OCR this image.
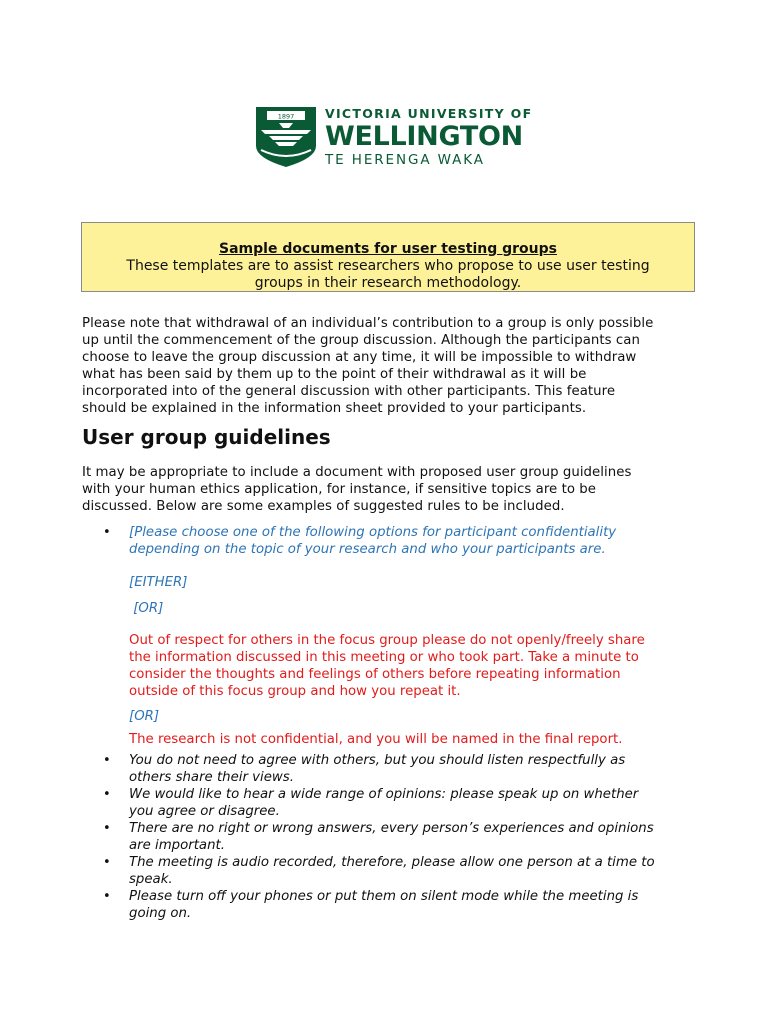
1897 VICTORIA UNIVERSITY OF
WELLINGTON
TE HERENGA WAKA
Sample documents for user testing groups
These templates are to assist researchers who propose to use user testing groups in their research methodology.
Please note that withdrawal of an individual’s contribution to a group is only possible
up until the commencement of the group discussion. Although the participants can
choose to leave the group discussion at any time, it will be impossible to withdraw
what has been said by them up to the point of their withdrawal as it will be
incorporated into of the general discussion with other participants. This feature
should be explained in the information sheet provided to your participants.
User group guidelines
It may be appropriate to include a document with proposed user group guidelines
with your human ethics application, for instance, if sensitive topics are to be
discussed. Below are some examples of suggested rules to be included.
• [Please choose one of the following options for participant confidentiality
depending on the topic of your research and who your participants are.
[EITHER]
[OR]
Out of respect for others in the focus group please do not openly/freely share
the information discussed in this meeting or who took part. Take a minute to
consider the thoughts and feelings of others before repeating information
outside of this focus group and how you repeat it.
[OR]
The research is not confidential, and you will be named in the final report.
• You do not need to agree with others, but you should listen respectfully as
others share their views.
• We would like to hear a wide range of opinions: please speak up on whether
you agree or disagree.
• There are no right or wrong answers, every person’s experiences and opinions
are important.
• The meeting is audio recorded, therefore, please allow one person at a time to
speak.
• Please turn off your phones or put them on silent mode while the meeting is
going on.
